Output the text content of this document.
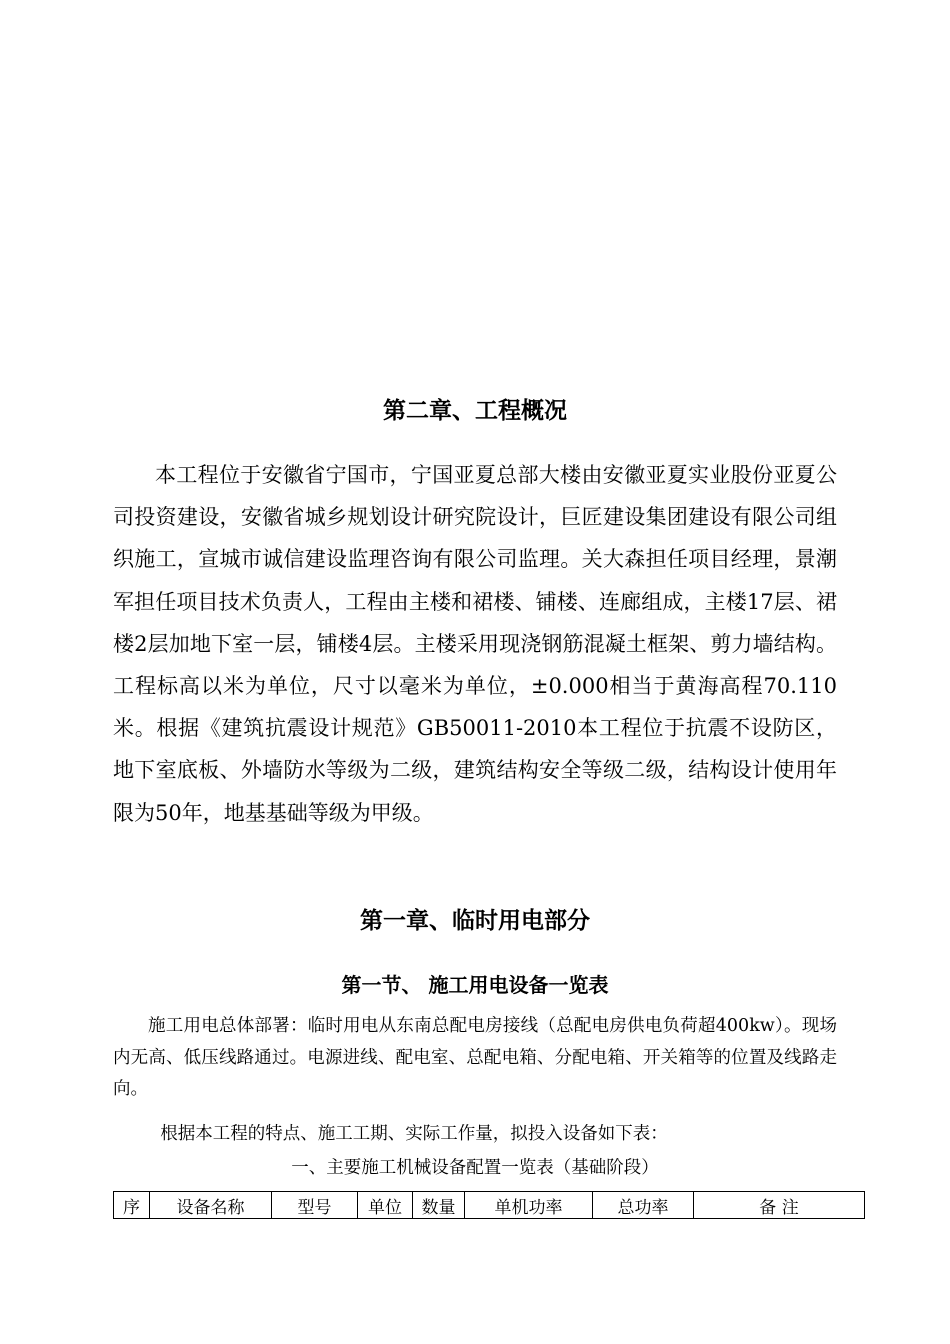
第二章、工程概况

本工程位于安徽省宁国市，宁国亚夏总部大楼由安徽亚夏实业股份亚夏公司投资建设，安徽省城乡规划设计研究院设计，巨匠建设集团建设有限公司组织施工，宣城市诚信建设监理咨询有限公司监理。关大森担任项目经理，景潮军担任项目技术负责人，工程由主楼和裙楼、铺楼、连廊组成，主楼17层、裙楼2层加地下室一层，铺楼4层。主楼采用现浇钢筋混凝土框架、剪力墙结构。工程标高以米为单位，尺寸以毫米为单位，±0.000相当于黄海高程70.110米。根据《建筑抗震设计规范》GB50011-2010本工程位于抗震不设防区，地下室底板、外墙防水等级为二级，建筑结构安全等级二级，结构设计使用年限为50年，地基基础等级为甲级。

第一章、临时用电部分
第一节、 施工用电设备一览表

施工用电总体部署：临时用电从东南总配电房接线（总配电房供电负荷超400kw）。现场内无高、低压线路通过。电源进线、配电室、总配电箱、分配电箱、开关箱等的位置及线路走向。

根据本工程的特点、施工工期、实际工作量，拟投入设备如下表：

一、主要施工机械设备配置一览表（基础阶段）
序	设备名称	型号	单位	数量	单机功率	总功率	备 注
